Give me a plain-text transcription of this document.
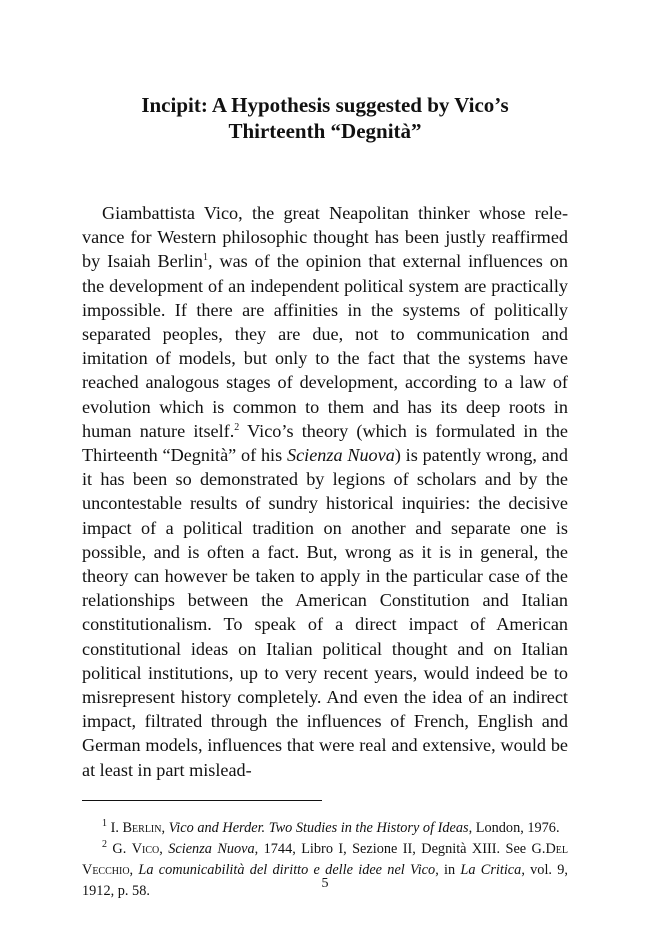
Incipit: A Hypothesis suggested by Vico’s
Thirteenth “Degnità”

Giambattista Vico, the great Neapolitan thinker whose relevance for Western philosophic thought has been justly reaffirmed by Isaiah Berlin$^1$, was of the opinion that external influences on the development of an independent political system are practically impossible. If there are affinities in the systems of politically separated peoples, they are due, not to communication and imitation of models, but only to the fact that the systems have reached analogous stages of development, according to a law of evolution which is common to them and has its deep roots in human nature itself.$^2$ Vico’s theory (which is formulated in the Thirteenth “Degnità” of his Scienza Nuova) is patently wrong, and it has been so demonstrated by legions of scholars and by the uncontestable results of sundry historical inquiries: the decisive impact of a political tradition on another and separate one is possible, and is often a fact. But, wrong as it is in general, the theory can however be taken to apply in the particular case of the relationships between the American Constitution and Italian constitutionalism. To speak of a direct impact of American constitutional ideas on Italian political thought and on Italian political institutions, up to very recent years, would indeed be to misrepresent history completely. And even the idea of an indirect impact, filtrated through the influences of French, English and German models, influences that were real and extensive, would be at least in part mislead-

$^1$ I. Berlin, Vico and Herder. Two Studies in the History of Ideas, London, 1976.

$^2$ G. Vico, Scienza Nuova, 1744, Libro I, Sezione II, Degnità XIII. See G.Del Vecchio, La comunicabilità del diritto e delle idee nel Vico, in La Critica, vol. 9, 1912, p. 58.	5
